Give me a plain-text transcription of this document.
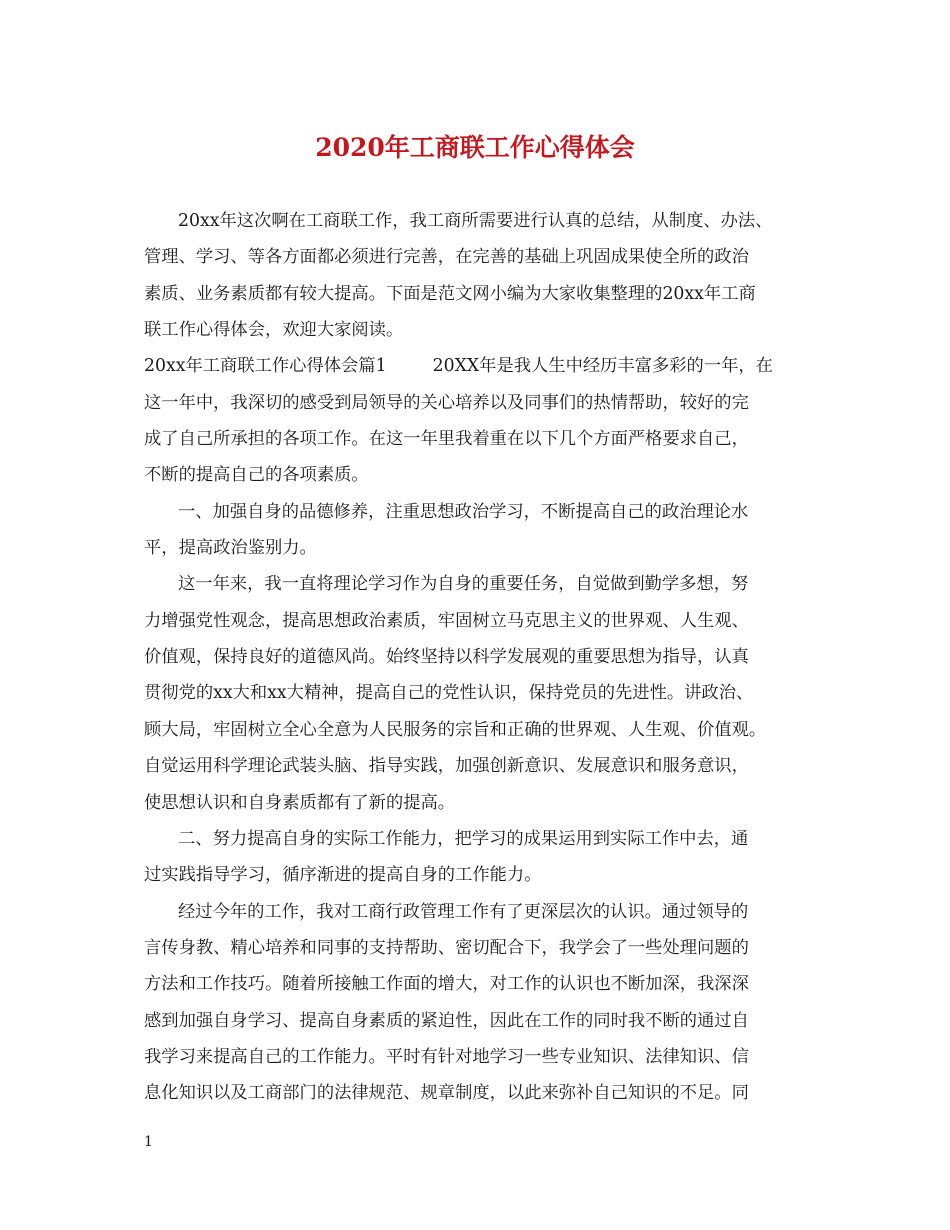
2020年工商联工作心得体会
20xx年这次啊在工商联工作，我工商所需要进行认真的总结，从制度、办法、
管理、学习、等各方面都必须进行完善，在完善的基础上巩固成果使全所的政治
素质、业务素质都有较大提高。下面是范文网小编为大家收集整理的20xx年工商
联工作心得体会，欢迎大家阅读。
20xx年工商联工作心得体会篇1	20XX年是我人生中经历丰富多彩的一年，在
这一年中，我深切的感受到局领导的关心培养以及同事们的热情帮助，较好的完
成了自己所承担的各项工作。在这一年里我着重在以下几个方面严格要求自己，
不断的提高自己的各项素质。
一、加强自身的品德修养，注重思想政治学习，不断提高自己的政治理论水
平，提高政治鉴别力。
这一年来，我一直将理论学习作为自身的重要任务，自觉做到勤学多想，努
力增强党性观念，提高思想政治素质，牢固树立马克思主义的世界观、人生观、
价值观，保持良好的道德风尚。始终坚持以科学发展观的重要思想为指导，认真
贯彻党的xx大和xx大精神，提高自己的党性认识，保持党员的先进性。讲政治、
顾大局，牢固树立全心全意为人民服务的宗旨和正确的世界观、人生观、价值观。
自觉运用科学理论武装头脑、指导实践，加强创新意识、发展意识和服务意识，
使思想认识和自身素质都有了新的提高。
二、努力提高自身的实际工作能力，把学习的成果运用到实际工作中去，通
过实践指导学习，循序渐进的提高自身的工作能力。
经过今年的工作，我对工商行政管理工作有了更深层次的认识。通过领导的
言传身教、精心培养和同事的支持帮助、密切配合下，我学会了一些处理问题的
方法和工作技巧。随着所接触工作面的增大，对工作的认识也不断加深，我深深
感到加强自身学习、提高自身素质的紧迫性，因此在工作的同时我不断的通过自
我学习来提高自己的工作能力。平时有针对地学习一些专业知识、法律知识、信
息化知识以及工商部门的法律规范、规章制度，以此来弥补自己知识的不足。同
1
